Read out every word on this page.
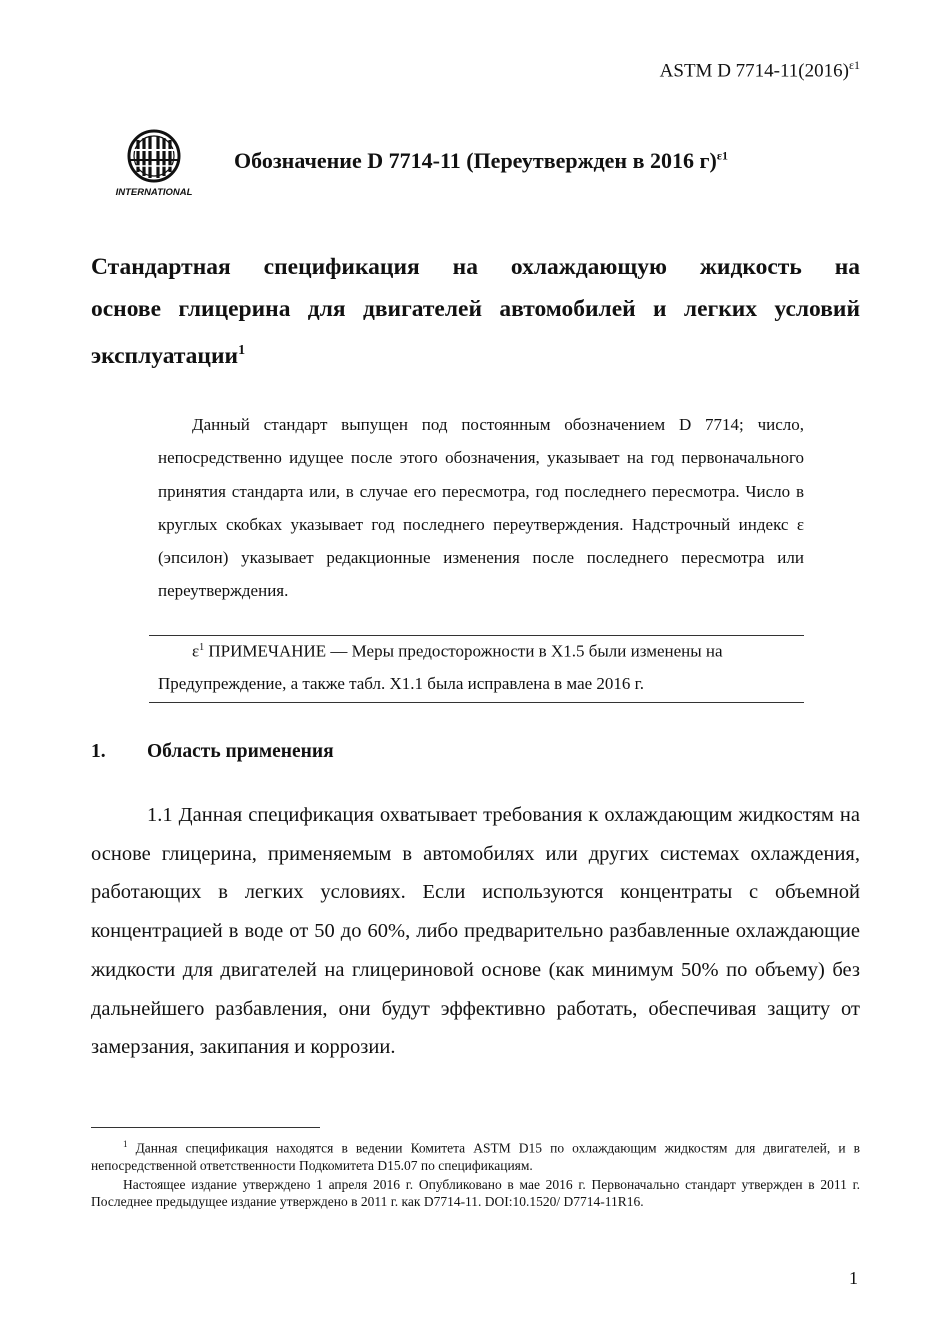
ASTM D $7714-11(2016)^{\varepsilon 1}$
INTERNATIONAL
Обозначение D 7714-11 (Переутвержден в 2016 г)$^{\varepsilon 1}$
Стандартная спецификация на охлаждающую жидкость на
основе глицерина для двигателей автомобилей и легких условий
эксплуатации$^1$
Данный стандарт выпущен под постоянным обозначением D 7714; число, непосредственно идущее после этого обозначения, указывает на год первоначального принятия стандарта или, в случае его пересмотра, год последнего пересмотра. Число в круглых скобках указывает год последнего переутверждения. Надстрочный индекс ε (эпсилон) указывает редакционные изменения после последнего пересмотра или переутверждения.
$\varepsilon^1$ ПРИМЕЧАНИЕ — Меры предосторожности в X1.5 были изменены на
Предупреждение, а также табл. X1.1 была исправлена в мае 2016 г.
1. Область применения
1.1 Данная спецификация охватывает требования к охлаждающим жидкостям на основе глицерина, применяемым в автомобилях или других системах охлаждения, работающих в легких условиях. Если используются концентраты с объемной концентрацией в воде от 50 до 60%, либо предварительно разбавленные охлаждающие жидкости для двигателей на глицериновой основе (как минимум 50% по объему) без дальнейшего разбавления, они будут эффективно работать, обеспечивая защиту от замерзания, закипания и коррозии.

$^1$ Данная спецификация находятся в ведении Комитета ASTM D15 по охлаждающим жидкостям для двигателей, и в непосредственной ответственности Подкомитета D15.07 по спецификациям.

Настоящее издание утверждено 1 апреля 2016 г. Опубликовано в мае 2016 г. Первоначально стандарт утвержден в 2011 г. Последнее предыдущее издание утверждено в 2011 г. как D7714-11. DOI:10.1520/ D7714-11R16.

1
